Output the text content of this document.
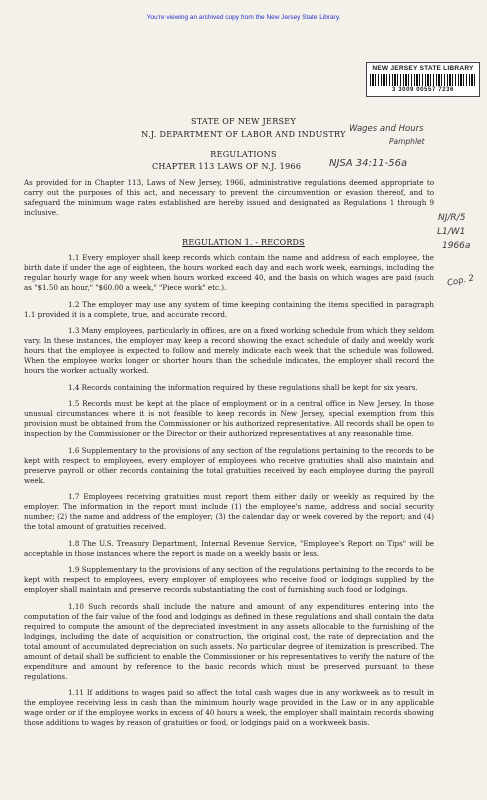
You're viewing an archived copy from the New Jersey State Library.
NEW JERSEY STATE LIBRARY
3 3009 00557 7236
STATE OF NEW JERSEY
N.J. DEPARTMENT OF LABOR AND INDUSTRY
Wages and Hours
Pamphlet
REGULATIONS
CHAPTER 113 LAWS OF N.J. 1966	NJSA 34:11-56a
NJ/R/5
L1/W1
1966a
Cop. 2
As provided for in Chapter 113, Laws of New Jersey, 1966, administrative regulations deemed appropriate to carry out the purposes of this act, and necessary to prevent the circumvention or evasion thereof, and to safeguard the minimum wage rates established are hereby issued and designated as Regulations 1 through 9 inclusive.
REGULATION 1. - RECORDS

1.1 Every employer shall keep records which contain the name and address of each employee, the birth date if under the age of eighteen, the hours worked each day and each work week, earnings, including the regular hourly wage for any week when hours worked exceed 40, and the basis on which wages are paid (such as "$1.50 an hour," "$60.00 a week," "Piece work" etc.).

1.2 The employer may use any system of time keeping containing the items specified in paragraph 1.1 provided it is a complete, true, and accurate record.

1.3 Many employees, particularly in offices, are on a fixed working schedule from which they seldom vary. In these instances, the employer may keep a record showing the exact schedule of daily and weekly work hours that the employee is expected to follow and merely indicate each week that the schedule was followed. When the employee works longer or shorter hours than the schedule indicates, the employer shall record the hours the worker actually worked.

1.4 Records containing the information required by these regulations shall be kept for six years.

1.5 Records must be kept at the place of employment or in a central office in New Jersey. In those unusual circumstances where it is not feasible to keep records in New Jersey, special exemption from this provision must be obtained from the Commissioner or his authorized representative. All records shall be open to inspection by the Commissioner or the Director or their authorized representatives at any reasonable time.

1.6 Supplementary to the provisions of any section of the regulations pertaining to the records to be kept with respect to employees, every employer of employees who receive gratuities shall also maintain and preserve payroll or other records containing the total gratuities received by each employee during the payroll week.

1.7 Employees receiving gratuities must report them either daily or weekly as required by the employer. The information in the report must include (1) the employee's name, address and social security number; (2) the name and address of the employer; (3) the calendar day or week covered by the report; and (4) the total amount of gratuities received.

1.8 The U.S. Treasury Department, Internal Revenue Service, "Employee's Report on Tips" will be acceptable in those instances where the report is made on a weekly basis or less.

1.9 Supplementary to the provisions of any section of the regulations pertaining to the records to be kept with respect to employees, every employer of employees who receive food or lodgings supplied by the employer shall maintain and preserve records substantiating the cost of furnishing such food or lodgings.

1.10 Such records shall include the nature and amount of any expenditures entering into the computation of the fair value of the food and lodgings as defined in these regulations and shall contain the data required to compute the amount of the depreciated investment in any assets allocable to the furnishing of the lodgings, including the date of acquisition or construction, the original cost, the rate of depreciation and the total amount of accumulated depreciation on such assets. No particular degree of itemization is prescribed. The amount of detail shall be sufficient to enable the Commissioner or his representatives to verify the nature of the expenditure and amount by reference to the basic records which must be preserved pursuant to these regulations.

1.11 If additions to wages paid so affect the total cash wages due in any workweek as to result in the employee receiving less in cash than the minimum hourly wage provided in the Law or in any applicable wage order or if the employee works in excess of 40 hours a week, the employer shall maintain records showing those additions to wages by reason of gratuities or food, or lodgings paid on a workweek basis.
